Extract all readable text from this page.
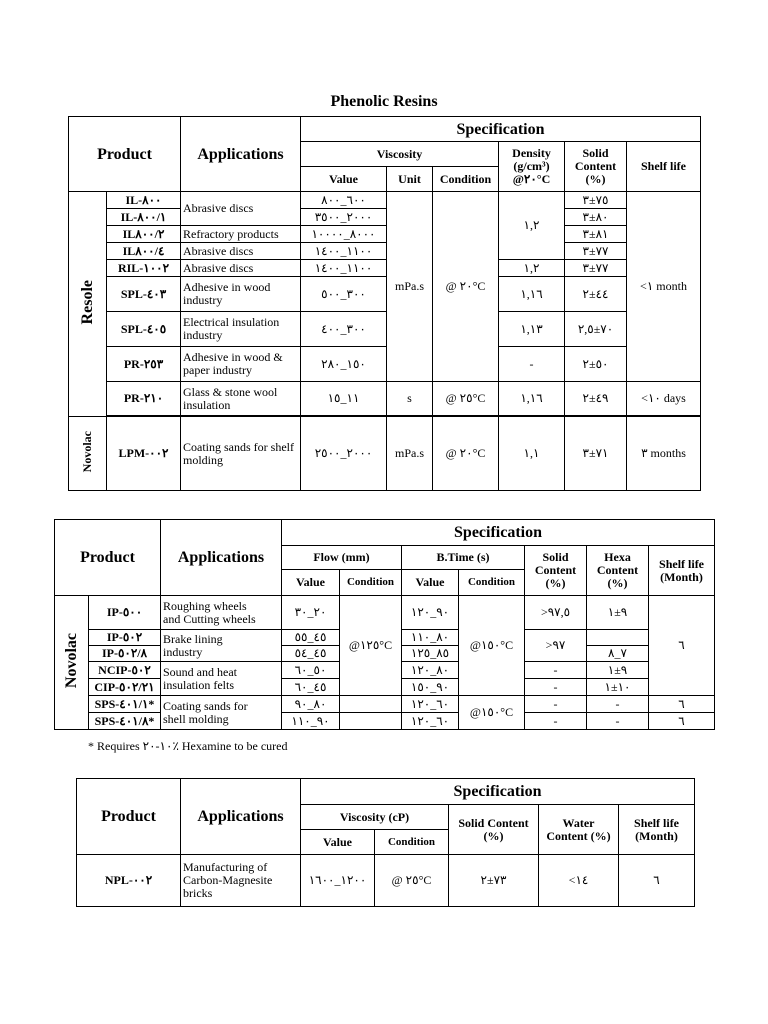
Phenolic Resins
Product		Applications	Specification					
			Viscosity			Density (g/cm³) @٢٠°C	Solid Content (%)	Shelf life
			Value	Unit	Condition			
Resole	IL-٨٠٠	Abrasive discs	٦٠٠_٨٠٠	mPa.s	@ ٢٠°C	١,٢	٧٥±٣	<١ month
	IL-٨٠٠/١		٢٠٠٠_٣٥٠٠				٨٠±٣	
	IL٨٠٠/٢	Refractory products	٨٠٠٠_١٠٠٠٠				٨١±٣	
	IL٨٠٠/٤	Abrasive discs	١١٠٠_١٤٠٠				٧٧±٣	
	RIL-١٠٠٢	Abrasive discs	١١٠٠_١٤٠٠			١,٢	٧٧±٣	
	SPL-٤٠٣	Adhesive in wood industry	٣٠٠_٥٠٠			١,١٦	٤٤±٢	
	SPL-٤٠٥	Electrical insulation industry	٣٠٠_٤٠٠			١,١٣	٧٠±٢,٥	
	PR-٢٥٣	Adhesive in wood & paper industry	١٥٠_٢٨٠			-	٥٠±٢	
	PR-٢١٠	Glass & stone wool insulation	١١_١٥	s	@ ٢٥°C	١,١٦	٤٩±٢	<١٠ days

Novolac	LPM-٠٠٢	Coating sands for shelf molding	٢٠٠٠_٢٥٠٠	mPa.s	@ ٢٠°C	١,١	٧١±٣	٣ months
Product		Applications	Specification						
			Flow (mm)		B.Time (s)		Solid Content (%)	Hexa Content (%)	Shelf life (Month)
			Value	Condition	Value	Condition			
Novolac	IP-٥٠٠	Roughing wheels
and Cutting wheels	٢٠_٣٠	@١٢٥°C	٩٠_١٢٠	@١٥٠°C	>٩٧,٥	٩±١	٦
	IP-٥٠٢	Brake lining
industry	٤٥_٥٥		٨٠_١١٠		>٩٧		
	IP-٥٠٢/٨		٤٥_٥٤		٨٥_١٢٥			٧_٨	
	NCIP-٥٠٢	Sound and heat
insulation felts	٥٠_٦٠		٨٠_١٢٠		-	٩±١	
	CIP-٥٠٢/٢١		٤٥_٦٠		٩٠_١٥٠		-	١٠±١	
	SPS-٤٠١/١*	Coating sands for
shell molding	٨٠_٩٠		٦٠_١٢٠	@١٥٠°C	-	-	٦
	SPS-٤٠١/٨*		٩٠_١١٠		٦٠_١٢٠		-	-	٦
* Requires ١٠-٢٠٪ Hexamine to be cured
Product	Applications	Specification				
		Viscosity (cP)		Solid Content (%)	Water Content (%)	Shelf life (Month)
		Value	Condition			
NPL-٠٠٢	Manufacturing of Carbon-Magnesite bricks	١٢٠٠_١٦٠٠	@ ٢٥°C	٧٣±٢	<١٤	٦
